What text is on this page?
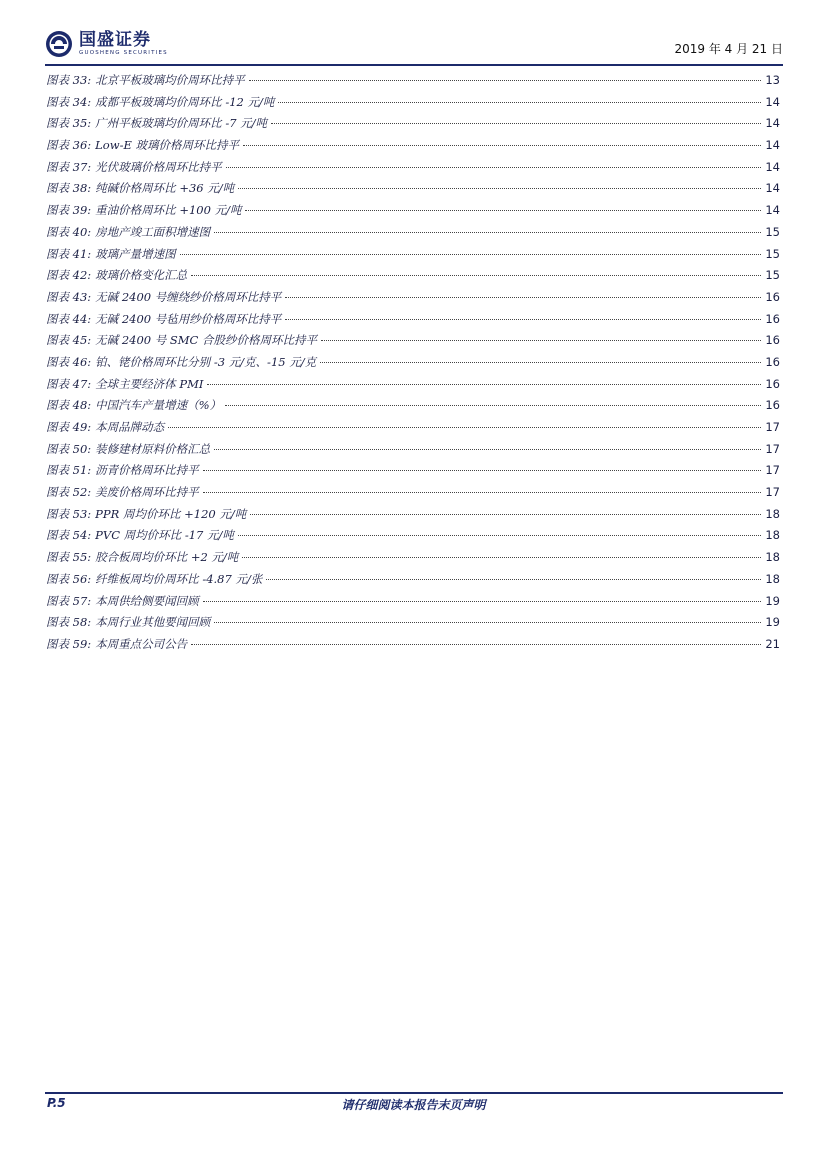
国盛证券
GUOSHENG SECURITIES	2019 年 4 月 21 日
图表 33: 北京平板玻璃均价周环比持平	13
图表 34: 成都平板玻璃均价周环比 -12 元/吨	14
图表 35: 广州平板玻璃均价周环比 -7 元/吨	14
图表 36: Low-E 玻璃价格周环比持平	14
图表 37: 光伏玻璃价格周环比持平	14
图表 38: 纯碱价格周环比 +36 元/吨	14
图表 39: 重油价格周环比 +100 元/吨	14
图表 40: 房地产竣工面积增速图	15
图表 41: 玻璃产量增速图	15
图表 42: 玻璃价格变化汇总	15
图表 43: 无碱 2400 号缠绕纱价格周环比持平	16
图表 44: 无碱 2400 号毡用纱价格周环比持平	16
图表 45: 无碱 2400 号 SMC 合股纱价格周环比持平	16
图表 46: 铂、铑价格周环比分别 -3 元/克、-15 元/克	16
图表 47: 全球主要经济体 PMI	16
图表 48: 中国汽车产量增速（%）	16
图表 49: 本周品牌动态	17
图表 50: 装修建材原料价格汇总	17
图表 51: 沥青价格周环比持平	17
图表 52: 美废价格周环比持平	17
图表 53: PPR 周均价环比 +120 元/吨	18
图表 54: PVC 周均价环比 -17 元/吨	18
图表 55: 胶合板周均价环比 +2 元/吨	18
图表 56: 纤维板周均价周环比 -4.87 元/张	18
图表 57: 本周供给侧要闻回顾	19
图表 58: 本周行业其他要闻回顾	19
图表 59: 本周重点公司公告	21
P.5	请仔细阅读本报告末页声明
